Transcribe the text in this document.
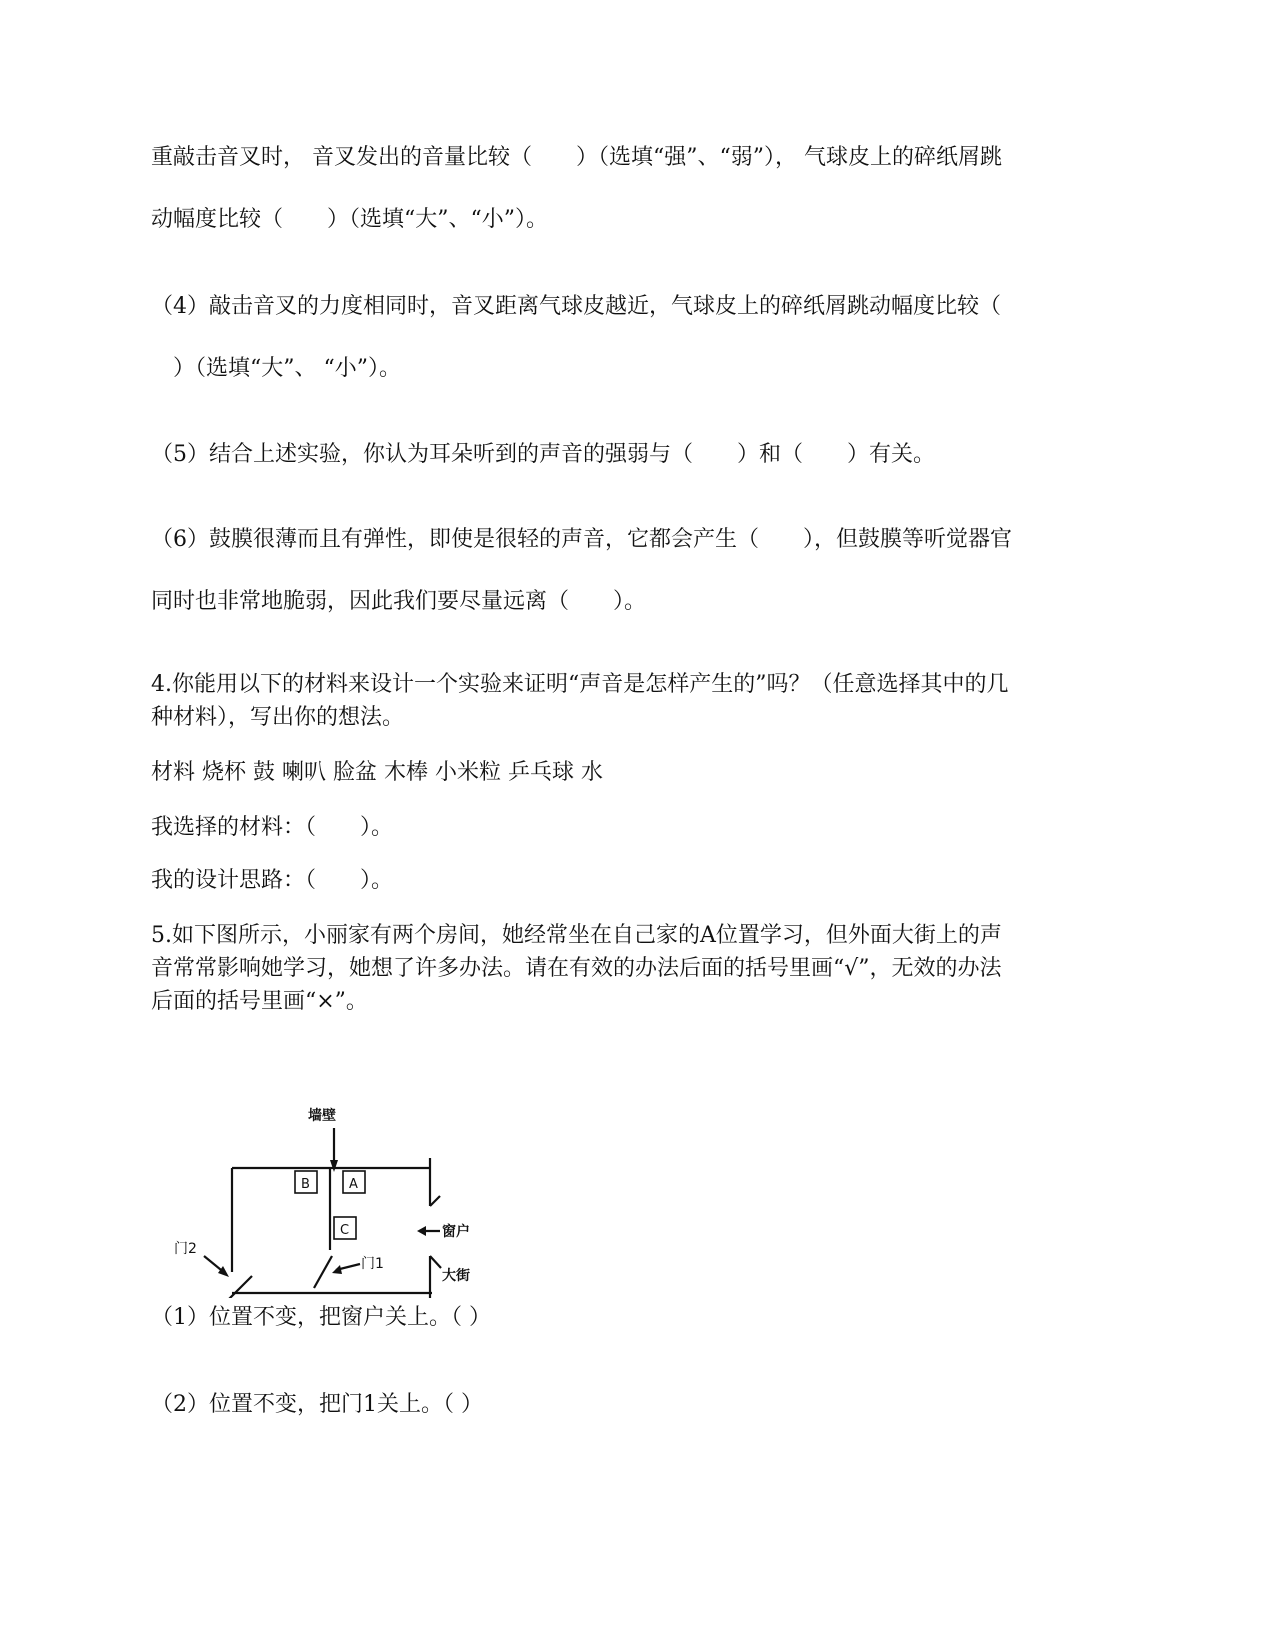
重敲击音叉时， 音叉发出的音量比较（　　）（选填“强”、“弱”）， 气球皮上的碎纸屑跳

动幅度比较（　　）（选填“大”、“小”）。

（4）敲击音叉的力度相同时，音叉距离气球皮越近，气球皮上的碎纸屑跳动幅度比较（

　）（选填“大”、 “小”）。

（5）结合上述实验，你认为耳朵听到的声音的强弱与（　　）和（　　）有关。

（6）鼓膜很薄而且有弹性，即使是很轻的声音，它都会产生（　　），但鼓膜等听觉器官

同时也非常地脆弱，因此我们要尽量远离（　　）。

4.你能用以下的材料来设计一个实验来证明“声音是怎样产生的”吗？（任意选择其中的几

种材料），写出你的想法。

材料 烧杯 鼓 喇叭 脸盆 木棒 小米粒 乒乓球 水

我选择的材料：（　　）。

我的设计思路：（　　）。

5.如下图所示，小丽家有两个房间，她经常坐在自己家的A位置学习，但外面大街上的声

音常常影响她学习，她想了许多办法。请在有效的办法后面的括号里画“√”，无效的办法

后面的括号里画“×”。

墙壁
B	A
C
门2
门1
窗户
大街

（1）位置不变，把窗户关上。（ ）

（2）位置不变，把门1关上。（ ）
